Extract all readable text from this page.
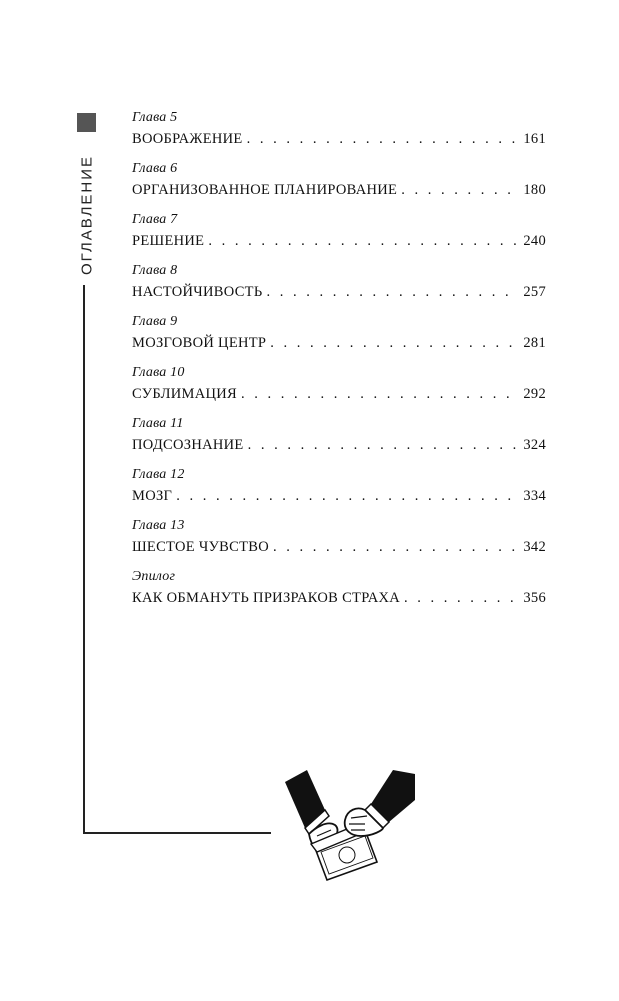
ОГЛАВЛЕНИЕ
Глава 5
ВООБРАЖЕНИЕ . . .	161
Глава 6
ОРГАНИЗОВАННОЕ ПЛАНИРОВАНИЕ . . .	180
Глава 7
РЕШЕНИЕ . . .	240
Глава 8
НАСТОЙЧИВОСТЬ . . .	257
Глава 9
МОЗГОВОЙ ЦЕНТР . . .	281
Глава 10
СУБЛИМАЦИЯ . . .	292
Глава 11
ПОДСОЗНАНИЕ . . .	324
Глава 12
МОЗГ . . .	334
Глава 13
ШЕСТОЕ ЧУВСТВО . . .	342
Эпилог
КАК ОБМАНУТЬ ПРИЗРАКОВ СТРАХА . . .	356
